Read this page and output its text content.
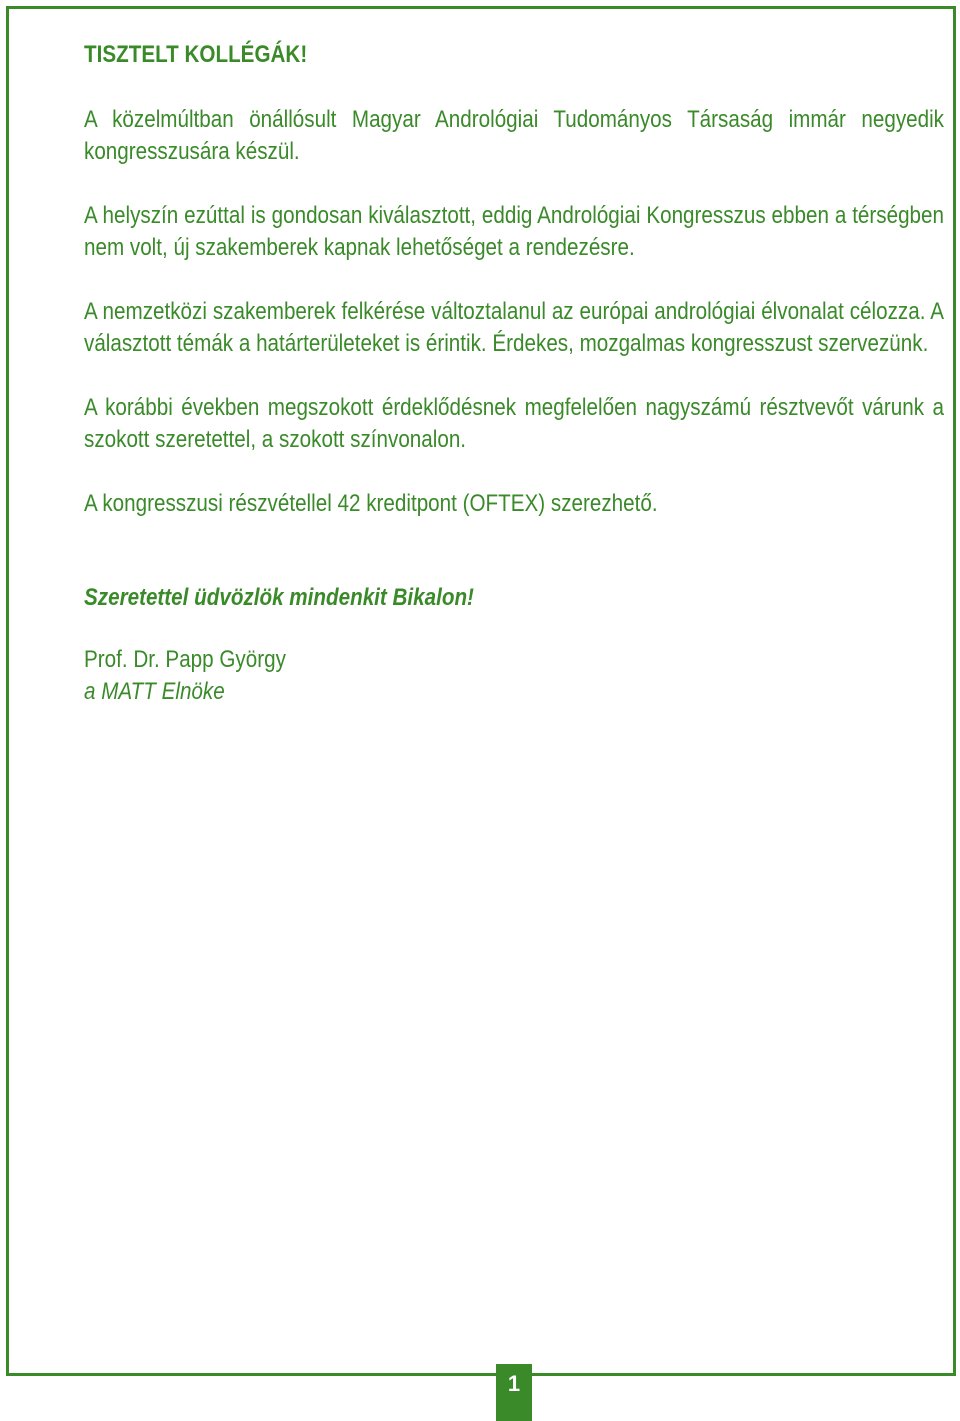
TISZTELT KOLLÉGÁK!
A közelmúltban önállósult Magyar Andrológiai Tudományos Társaság immár negyedik kongresszusára készül.
A helyszín ezúttal is gondosan kiválasztott, eddig Andrológiai Kongresszus ebben a térségben nem volt, új szakemberek kapnak lehetőséget a rendezésre.
A nemzetközi szakemberek felkérése változtalanul az európai andrológiai élvonalat célozza. A választott témák a határterületeket is érintik. Érdekes, mozgalmas kongresszust szervezünk.
A korábbi években megszokott érdeklődésnek megfelelően nagyszámú résztvevőt várunk a szokott szeretettel, a szokott színvonalon.
A kongresszusi részvétellel 42 kreditpont (OFTEX) szerezhető.
Szeretettel üdvözlök mindenkit Bikalon!
Prof. Dr. Papp György
a MATT Elnöke
1
